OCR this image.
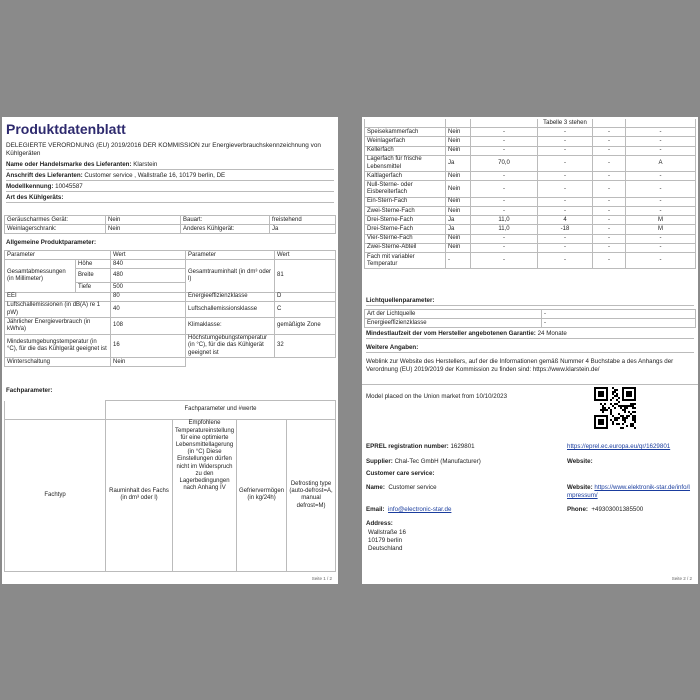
Produktdatenblatt
DELEGIERTE VERORDNUNG (EU) 2019/2016 DER KOMMISSION zur Energieverbrauchskennzeichnung von Kühlgeräten
Name oder Handelsmarke des Lieferanten: Klarstein
Anschrift des Lieferanten: Customer service , Wallstraße 16, 10179 berlin, DE
Modellkennung: 10045587
Art des Kühlgeräts:
Geräuscharmes Gerät:	Nein	Bauart:	freistehend
Weinlagerschrank:	Nein	Anderes Kühlgerät:	Ja
Allgemeine Produktparameter:
Parameter		Wert	Parameter	Wert
Gesamtabmessungen (in Millimeter)	Höhe	840	Gesamtrauminhalt (in dm³ oder l)	81
	Breite	480		
	Tiefe	500		
EEI		80	Energieeffizienzklasse	D
Luftschallemissionen (in dB(A) re 1 pW)		40	Luftschallemissionsklasse	C
Jährlicher Energieverbrauch (in kWh/a)		108	Klimaklasse:	gemäßigte Zone
Mindestumgebungstemperatur (in °C), für die das Kühlgerät geeignet ist		16	Höchstumgebungstemperatur (in °C), für die das Kühlgerät geeignet ist	32
Winterschaltung		Nein		
Fachparameter:
	Fachparameter und #werte			
Fachtyp	Rauminhalt des Fachs (in dm³ oder l)	Empfohlene Temperatureinstellung für eine optimierte Lebensmittellagerung (in °C) Diese Einstellungen dürfen nicht im Widerspruch zu den Lagerbedingungen nach Anhang IV	Gefriervermögen (in kg/24h)	Defrosting type (auto-defrost=A, manual defrost=M)
Seite 1 / 2
			Tabelle 3 stehen		
Speisekammerfach	Nein	-	-	-	-
Weinlagerfach	Nein	-	-	-	-
Kellerfach	Nein	-	-	-	-
Lagerfach für frische Lebensmittel	Ja	70,0	-	-	A
Kaltlagerfach	Nein	-	-	-	-
Null-Sterne- oder Eisbereiterfach	Nein	-	-	-	-
Ein-Stern-Fach	Nein	-	-	-	-
Zwei-Sterne-Fach	Nein	-	-	-	-
Drei-Sterne-Fach	Ja	11,0	4	-	M
Drei-Sterne-Fach	Ja	11,0	-18	-	M
Vier-Sterne-Fach	Nein	-	-	-	-
Zwei-Sterne-Abteil	Nein	-	-	-	-
Fach mit variabler Temperatur	-	-	-	-	-
Lichtquellenparameter:
Art der Lichtquelle	-
Energieeffizienzklasse	-
Mindestlaufzeit der vom Hersteller angebotenen Garantie: 24 Monate
Weitere Angaben:
Weblink zur Website des Herstellers, auf der die Informationen gemäß Nummer 4 Buchstabe a des Anhangs der Verordnung (EU) 2019/2019 der Kommission zu finden sind: https://www.klarstein.de/
Model placed on the Union market from 10/10/2023
EPREL registration number: 1629801	https://eprel.ec.europa.eu/qr/1629801
Supplier: Chal-Tec GmbH (Manufacturer)	Website:
Customer care service:
Name: Customer service	Website: https://www.elektronik-star.de/info/Impressum/
Email: info@electronic-star.de	Phone: +49303001385500
Address:
Wallstraße 16
10179 berlin
Deutschland
Seite 2 / 2
